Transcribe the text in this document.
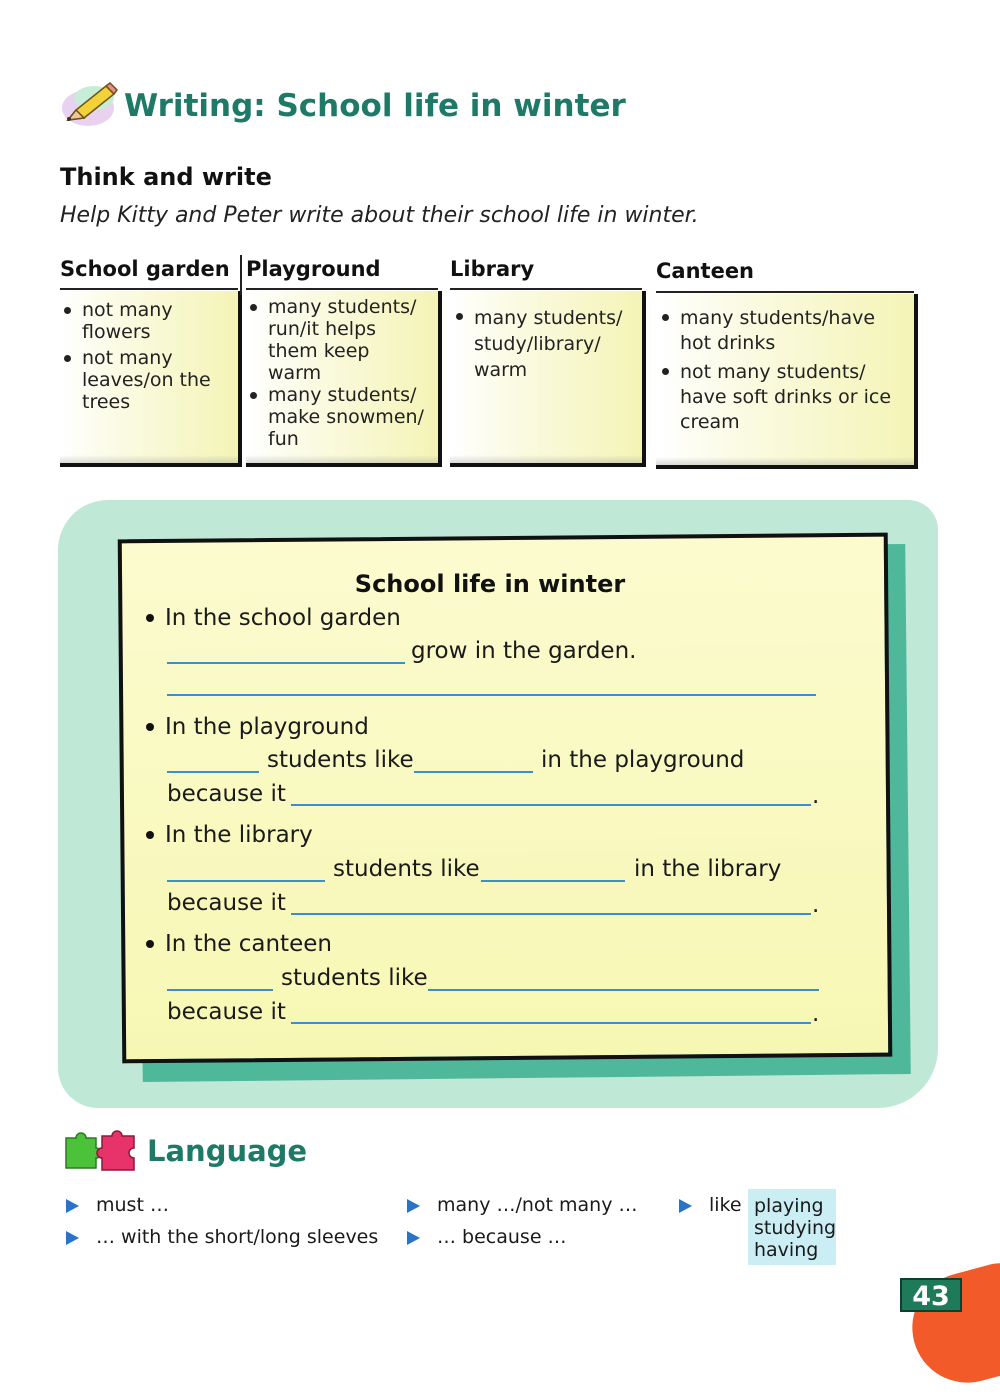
Writing: School life in winter
Think and write
Help Kitty and Peter write about their school life in winter.
School garden
not many flowers
not many leaves/on the trees
Playground
many students/ run/it helps them keep warm
many students/ make snowmen/ fun
Library
many students/ study/library/ warm
Canteen
many students/have hot drinks
not many students/ have soft drinks or ice cream
School life in winter
In the school garden
grow in the garden.
In the playground
students like	in the playground
because it	.
In the library
students like	in the library
because it	.
In the canteen
students like
because it	.
Language
must …
… with the short/long sleeves
many …/not many …
… because …
like playing
studying
having
43
